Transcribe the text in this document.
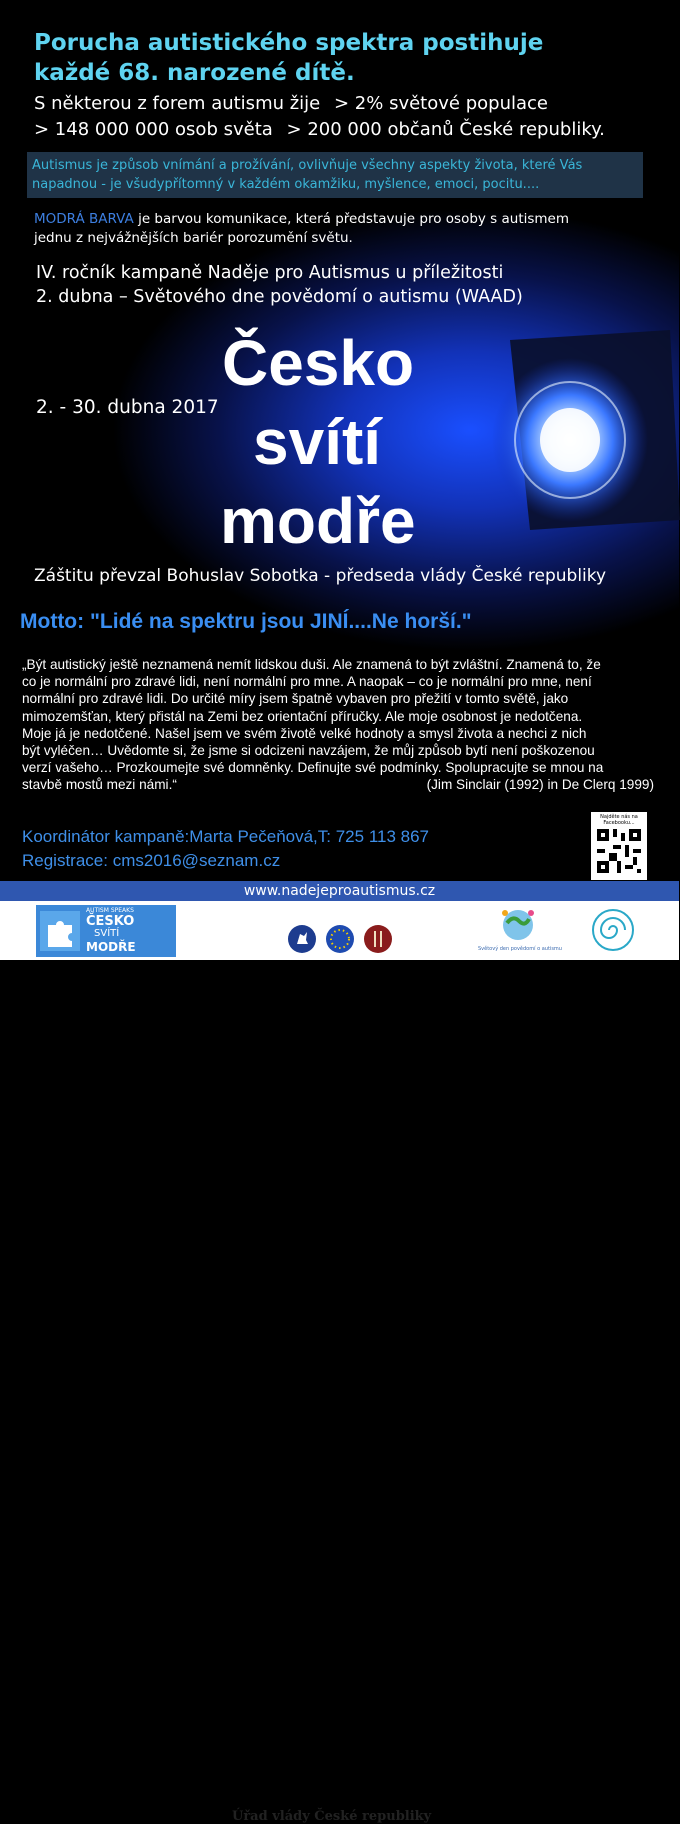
Porucha autistického spektra postihuje
každé 68. narozené dítě.
S některou z forem autismu žije > 2% světové populace
> 148 000 000 osob světa > 200 000 občanů České republiky.
Autismus je způsob vnímání a prožívání, ovlivňuje všechny aspekty života, které Vás
napadnou - je všudypřítomný v každém okamžiku, myšlence, emoci, pocitu....
MODRÁ BARVA je barvou komunikace, která představuje pro osoby s autismem
jednu z nejvážnějších bariér porozumění světu.
IV. ročník kampaně Naděje pro Autismus u příležitosti
2. dubna – Světového dne povědomí o autismu (WAAD)
Česko
2. - 30. dubna 2017 svítí
modře
Záštitu převzal Bohuslav Sobotka - předseda vlády České republiky
Motto: "Lidé na spektru jsou JINÍ....Ne horší."
„Být autistický ještě neznamená nemít lidskou duši. Ale znamená to být zvláštní. Znamená to, že
co je normální pro zdravé lidi, není normální pro mne. A naopak – co je normální pro mne, není
normální pro zdravé lidi. Do určité míry jsem špatně vybaven pro přežití v tomto světě, jako
mimozemšťan, který přistál na Zemi bez orientační příručky. Ale moje osobnost je nedotčena.
Moje já je nedotčené. Našel jsem ve svém životě velké hodnoty a smysl života a nechci z nich
být vyléčen… Uvědomte si, že jsme si odcizeni navzájem, že můj způsob bytí není poškozenou
verzí vašeho… Prozkoumejte své domněnky. Definujte své podmínky. Spolupracujte se mnou na
stavbě mostů mezi námi.“	(Jim Sinclair (1992) in De Clerq 1999)
Koordinátor kampaně:Marta Pečeňová,T: 725 113 867
Registrace: cms2016@seznam.cz
Najděte nás na Facebooku...
www.nadejeproautismus.cz
AUTISM SPEAKS
ČESKO
SVÍTÍ
MODŘE
Úřad vlády České republiky
Světový den povědomí o autismu
